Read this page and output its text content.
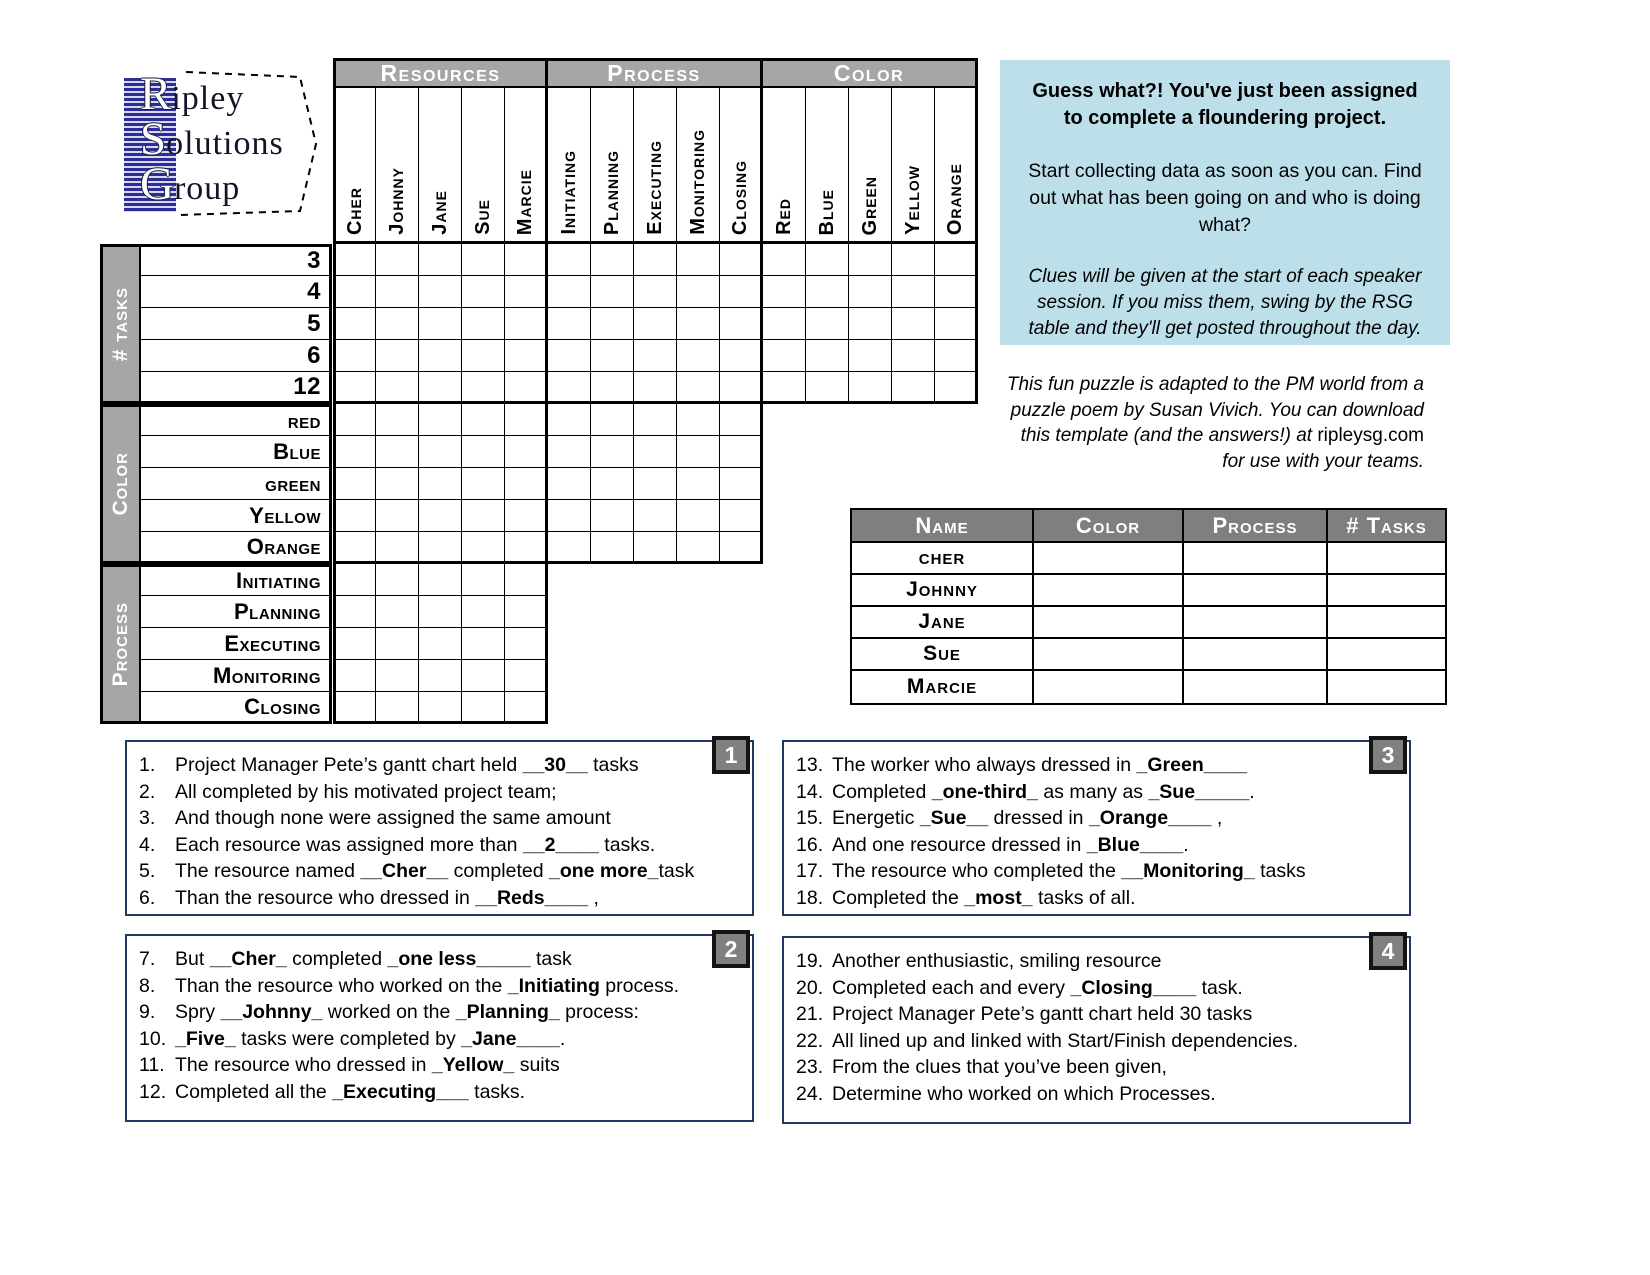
R ipley
S olutions
G roup
Resources
Cher Johnny Jane Sue Marcie
Process
Initiating Planning Executing Monitoring Closing
Color
Red Blue Green Yellow Orange
# tasks
3
4
5
6
12
Color
red
Blue
green
Yellow
Orange
Process
Initiating
Planning
Executing
Monitoring
Closing

Guess what?! You've just been assigned to complete a floundering project.

Start collecting data as soon as you can. Find out what has been going on and who is doing what?

Clues will be given at the start of each speaker session. If you miss them, swing by the RSG table and they'll get posted throughout the day.

This fun puzzle is adapted to the PM world from a puzzle poem by Susan Vivich. You can download this template (and the answers!) at ripleysg.com for use with your teams.
Name	Color	Process	# Tasks
cher
Johnny
Jane
Sue
Marcie
1
1.	Project Manager Pete’s gantt chart held __30__ tasks
2.	All completed by his motivated project team;
3.	And though none were assigned the same amount
4.	Each resource was assigned more than __2____ tasks.
5.	The resource named __Cher__ completed _one more_task
6.	Than the resource who dressed in __Reds____ ,
2
7.	But __Cher_ completed _one less_____ task
8.	Than the resource who worked on the _Initiating process.
9.	Spry __Johnny_ worked on the _Planning_ process:
10. _Five_ tasks were completed by _Jane____.
11. The resource who dressed in _Yellow_ suits
12. Completed all the _Executing___ tasks.
3
13. The worker who always dressed in _Green____
14. Completed _one-third_ as many as _Sue_____.
15. Energetic _Sue__ dressed in _Orange____ ,
16. And one resource dressed in _Blue____.
17. The resource who completed the __Monitoring_ tasks
18. Completed the _most_ tasks of all.
4
19. Another enthusiastic, smiling resource
20. Completed each and every _Closing____ task.
21. Project Manager Pete’s gantt chart held 30 tasks
22. All lined up and linked with Start/Finish dependencies.
23. From the clues that you’ve been given,
24. Determine who worked on which Processes.
